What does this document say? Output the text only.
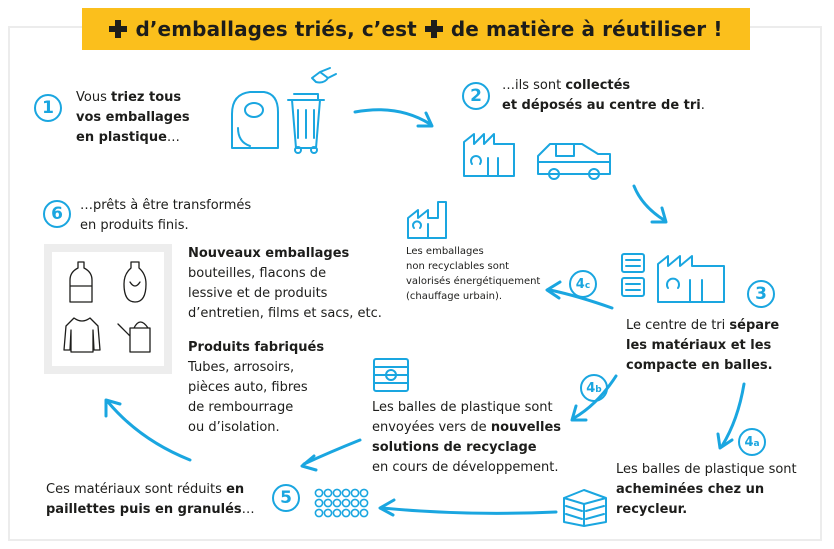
d’emballages triés, c’est de matière à réutiliser !
1
Vous triez tous
vos emballages
en plastique…
2
…ils sont collectés
et déposés au centre de tri.
3
Le centre de tri sépare
les matériaux et les
compacte en balles.
Les emballages
non recyclables sont
valorisés énergétiquement
(chauffage urbain).
4 c
4 b
Les balles de plastique sont
envoyées vers de nouvelles
solutions de recyclage
en cours de développement.
4 a
Les balles de plastique sont
acheminées chez un
recycleur.
Ces matériaux sont réduits en
paillettes puis en granulés…
5
6	…prêts à être transformés
en produits finis.
Nouveaux emballages
bouteilles, flacons de
lessive et de produits
d’entretien, films et sacs, etc.

Produits fabriqués
Tubes, arrosoirs,
pièces auto, fibres
de rembourrage
ou d’isolation.
